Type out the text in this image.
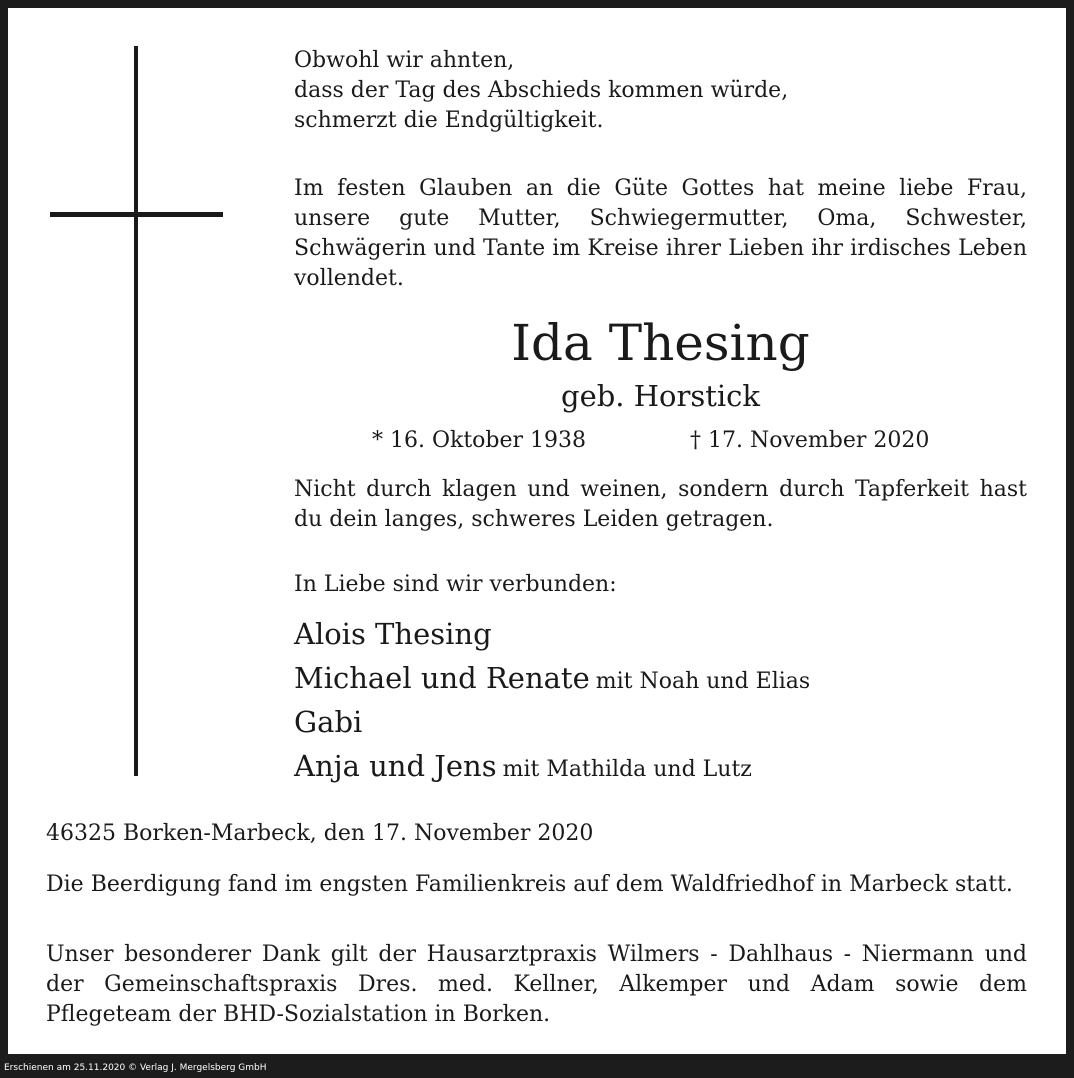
Obwohl wir ahnten,

dass der Tag des Abschieds kommen würde,

schmerzt die Endgültigkeit.

Im festen Glauben an die Güte Gottes hat meine liebe Frau, unsere gute Mutter, Schwiegermutter, Oma, Schwester, Schwägerin und Tante im Kreise ihrer Lieben ihr irdisches Leben vollendet.

Ida Thesing
geb. Horstick
* 16. Oktober 1938	† 17. November 2020

Nicht durch klagen und weinen, sondern durch Tapferkeit hast du dein langes, schweres Leiden getragen.

In Liebe sind wir verbunden:

Alois Thesing
Michael und Renate mit Noah und Elias
Gabi
Anja und Jens mit Mathilda und Lutz

46325 Borken-Marbeck, den 17. November 2020

Die Beerdigung fand im engsten Familienkreis auf dem Waldfriedhof in Marbeck statt.

Unser besonderer Dank gilt der Hausarztpraxis Wilmers - Dahlhaus - Niermann und der Gemeinschaftspraxis Dres. med. Kellner, Alkemper und Adam sowie dem Pflegeteam der BHD-Sozialstation in Borken.

Erschienen am 25.11.2020 © Verlag J. Mergelsberg GmbH
